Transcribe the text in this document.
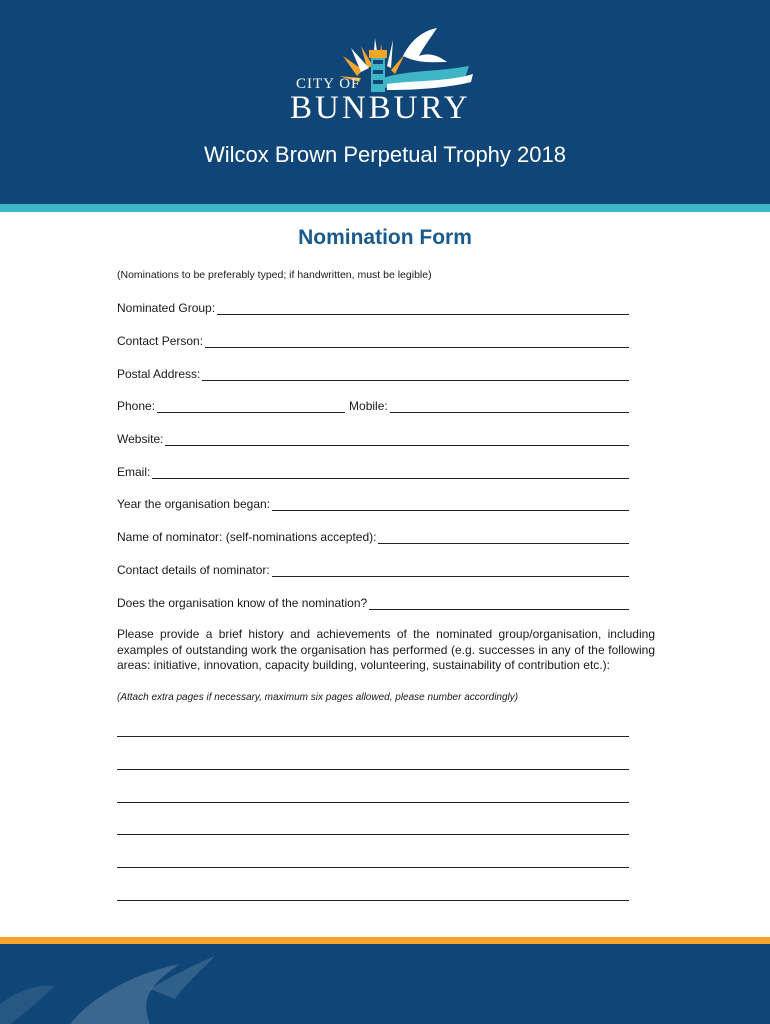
CITY OF
BUNBURY
Wilcox Brown Perpetual Trophy 2018
Nomination Form
(Nominations to be preferably typed; if handwritten, must be legible)
Nominated Group:
Contact Person:
Postal Address:
Phone:	Mobile:
Website:
Email:
Year the organisation began:
Name of nominator: (self-nominations accepted):
Contact details of nominator:
Does the organisation know of the nomination?

Please provide a brief history and achievements of the nominated group/organisation, including examples of outstanding work the organisation has performed (e.g. successes in any of the following areas: initiative, innovation, capacity building, volunteering, sustainability of contribution etc.):

(Attach extra pages if necessary, maximum six pages allowed, please number accordingly)
